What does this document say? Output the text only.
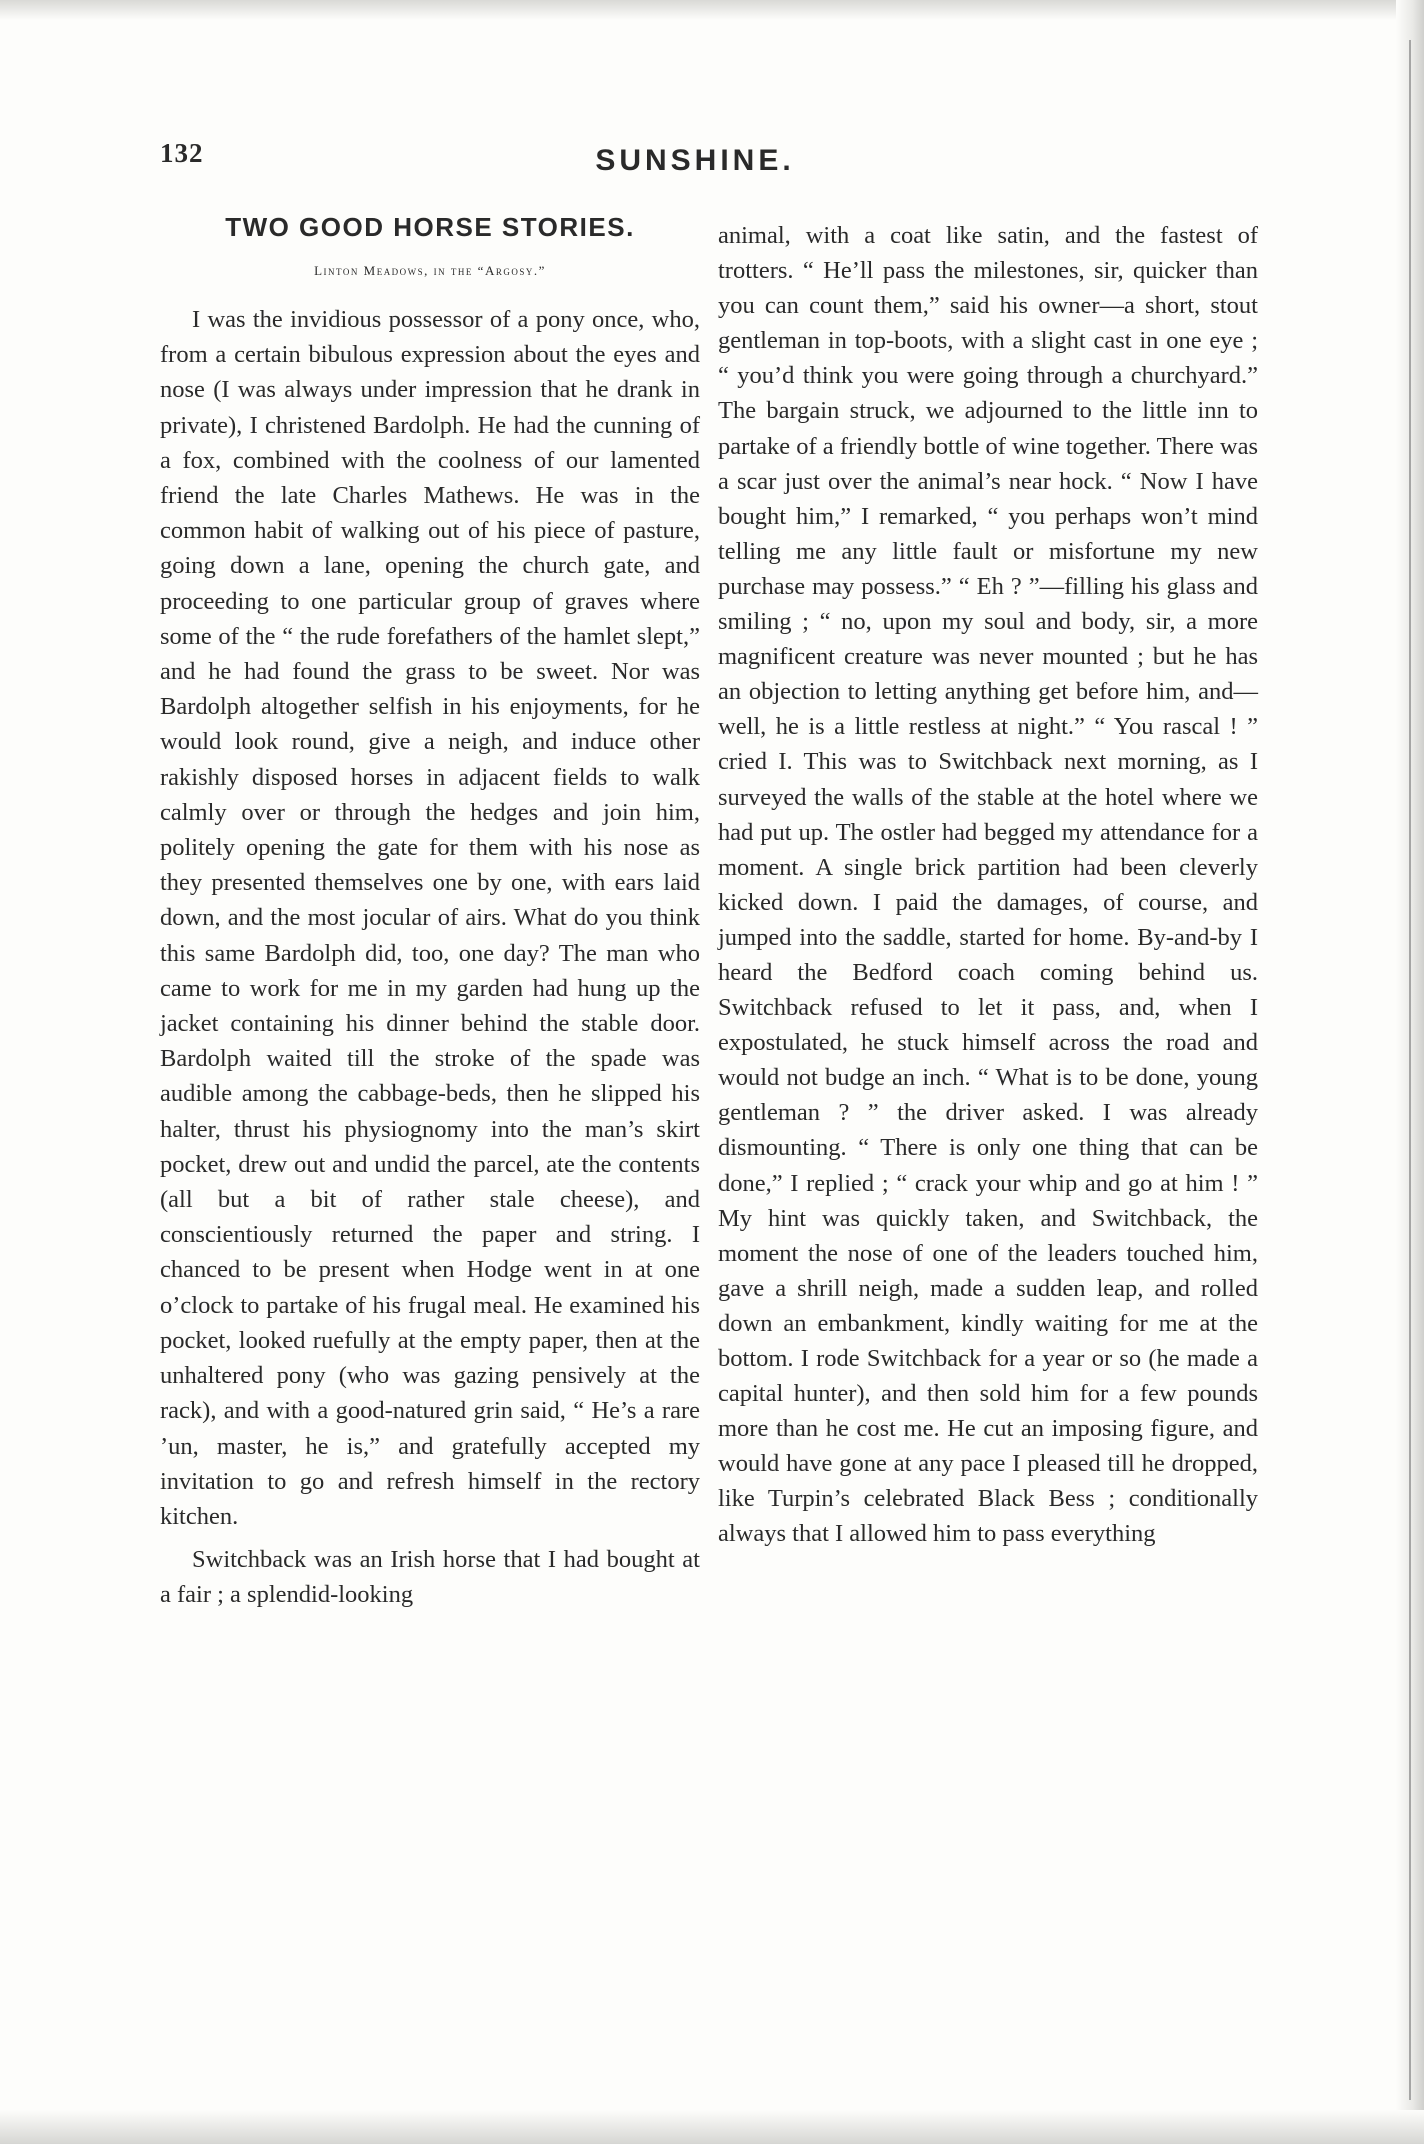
132	SUNSHINE.
TWO GOOD HORSE STORIES.
Linton Meadows, in the “Argosy.”

I was the invidious possessor of a pony once, who, from a certain bibulous expression about the eyes and nose (I was always under impression that he drank in private), I christened Bardolph. He had the cunning of a fox, combined with the coolness of our lamented friend the late Charles Mathews. He was in the common habit of walking out of his piece of pasture, going down a lane, opening the church gate, and proceeding to one particular group of graves where some of the “ the rude forefathers of the hamlet slept,” and he had found the grass to be sweet. Nor was Bardolph altogether selfish in his enjoyments, for he would look round, give a neigh, and induce other rakishly disposed horses in adjacent fields to walk calmly over or through the hedges and join him, politely opening the gate for them with his nose as they presented themselves one by one, with ears laid down, and the most jocular of airs. What do you think this same Bardolph did, too, one day? The man who came to work for me in my garden had hung up the jacket containing his dinner behind the stable door. Bardolph waited till the stroke of the spade was audible among the cabbage-beds, then he slipped his halter, thrust his physiognomy into the man’s skirt pocket, drew out and undid the parcel, ate the contents (all but a bit of rather stale cheese), and conscientiously returned the paper and string. I chanced to be present when Hodge went in at one o’clock to partake of his frugal meal. He examined his pocket, looked ruefully at the empty paper, then at the unhaltered pony (who was gazing pensively at the rack), and with a good-natured grin said, “ He’s a rare ’un, master, he is,” and gratefully accepted my invitation to go and refresh himself in the rectory kitchen.

Switchback was an Irish horse that I had bought at a fair ; a splendid-looking

animal, with a coat like satin, and the fastest of trotters. “ He’ll pass the milestones, sir, quicker than you can count them,” said his owner—a short, stout gentleman in top-boots, with a slight cast in one eye ; “ you’d think you were going through a churchyard.” The bargain struck, we adjourned to the little inn to partake of a friendly bottle of wine together. There was a scar just over the animal’s near hock. “ Now I have bought him,” I remarked, “ you perhaps won’t mind telling me any little fault or misfortune my new purchase may possess.” “ Eh ? ”—filling his glass and smiling ; “ no, upon my soul and body, sir, a more magnificent creature was never mounted ; but he has an objection to letting anything get before him, and—well, he is a little restless at night.” “ You rascal ! ” cried I. This was to Switchback next morning, as I surveyed the walls of the stable at the hotel where we had put up. The ostler had begged my attendance for a moment. A single brick partition had been cleverly kicked down. I paid the damages, of course, and jumped into the saddle, started for home. By-and-by I heard the Bedford coach coming behind us. Switchback refused to let it pass, and, when I expostulated, he stuck himself across the road and would not budge an inch. “ What is to be done, young gentleman ? ” the driver asked. I was already dismounting. “ There is only one thing that can be done,” I replied ; “ crack your whip and go at him ! ” My hint was quickly taken, and Switchback, the moment the nose of one of the leaders touched him, gave a shrill neigh, made a sudden leap, and rolled down an embankment, kindly waiting for me at the bottom. I rode Switchback for a year or so (he made a capital hunter), and then sold him for a few pounds more than he cost me. He cut an imposing figure, and would have gone at any pace I pleased till he dropped, like Turpin’s celebrated Black Bess ; conditionally always that I allowed him to pass everything
